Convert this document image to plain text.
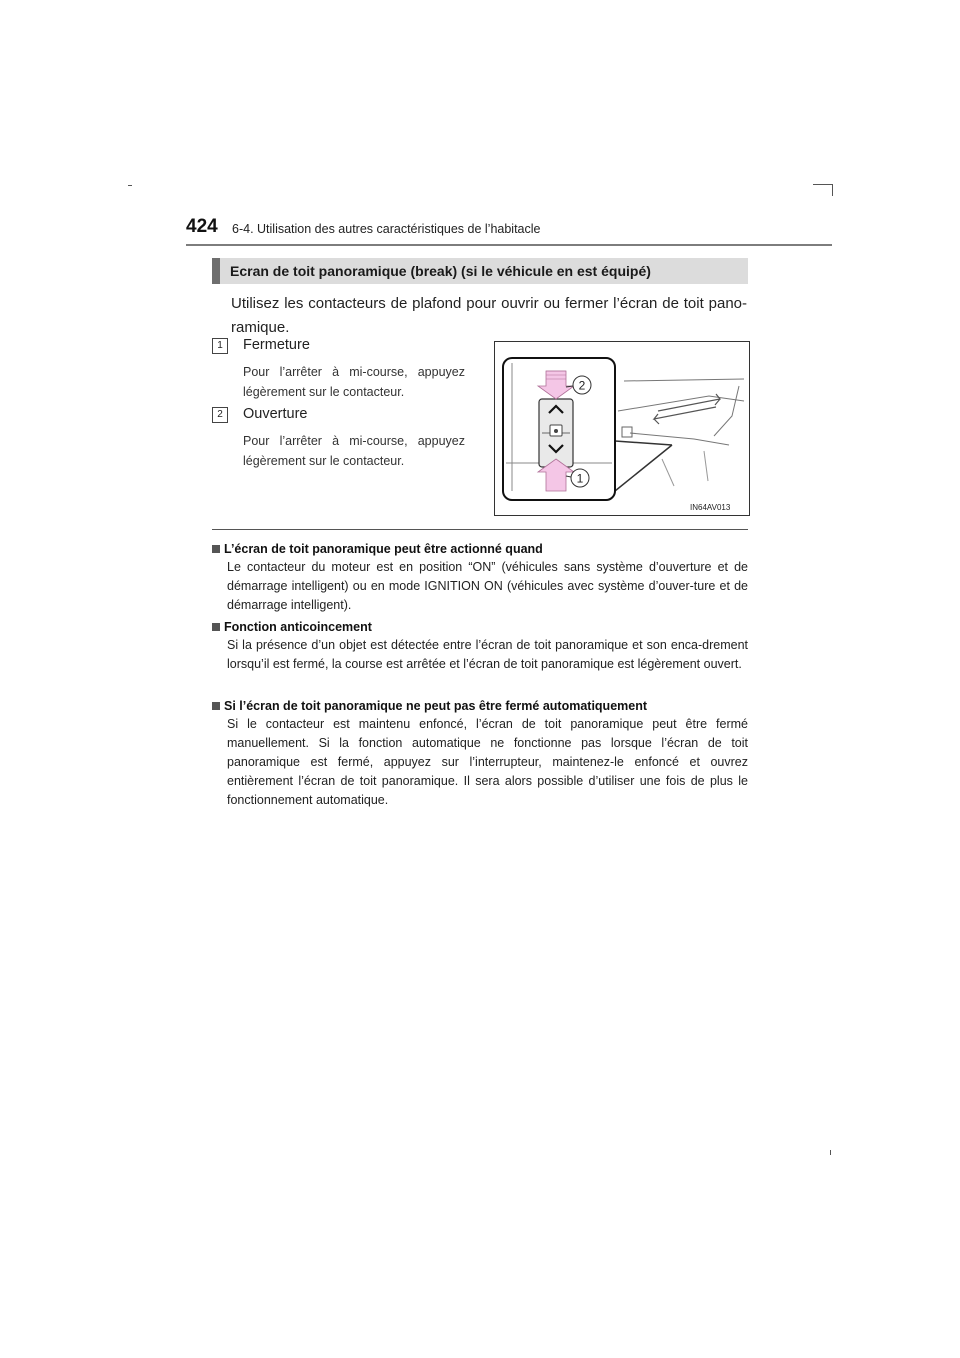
424 6-4. Utilisation des autres caractéristiques de l’habitacle
Ecran de toit panoramique (break) (si le véhicule en est équipé)
Utilisez les contacteurs de plafond pour ouvrir ou fermer l’écran de toit pano-ramique.
1	Fermeture
Pour l’arrêter à mi-course, appuyez légèrement sur le contacteur.
2	Ouverture
Pour l’arrêter à mi-course, appuyez légèrement sur le contacteur.
2
1
IN64AV013
L’écran de toit panoramique peut être actionné quand
Le contacteur du moteur est en position “ON” (véhicules sans système d’ouverture et de démarrage intelligent) ou en mode IGNITION ON (véhicules avec système d’ouver-ture et de démarrage intelligent).
Fonction anticoincement
Si la présence d’un objet est détectée entre l’écran de toit panoramique et son enca-drement lorsqu’il est fermé, la course est arrêtée et l’écran de toit panoramique est légèrement ouvert.
Si l’écran de toit panoramique ne peut pas être fermé automatiquement
Si le contacteur est maintenu enfoncé, l’écran de toit panoramique peut être fermé manuellement. Si la fonction automatique ne fonctionne pas lorsque l’écran de toit panoramique est fermé, appuyez sur l’interrupteur, maintenez-le enfoncé et ouvrez entièrement l’écran de toit panoramique. Il sera alors possible d’utiliser une fois de plus le fonctionnement automatique.
